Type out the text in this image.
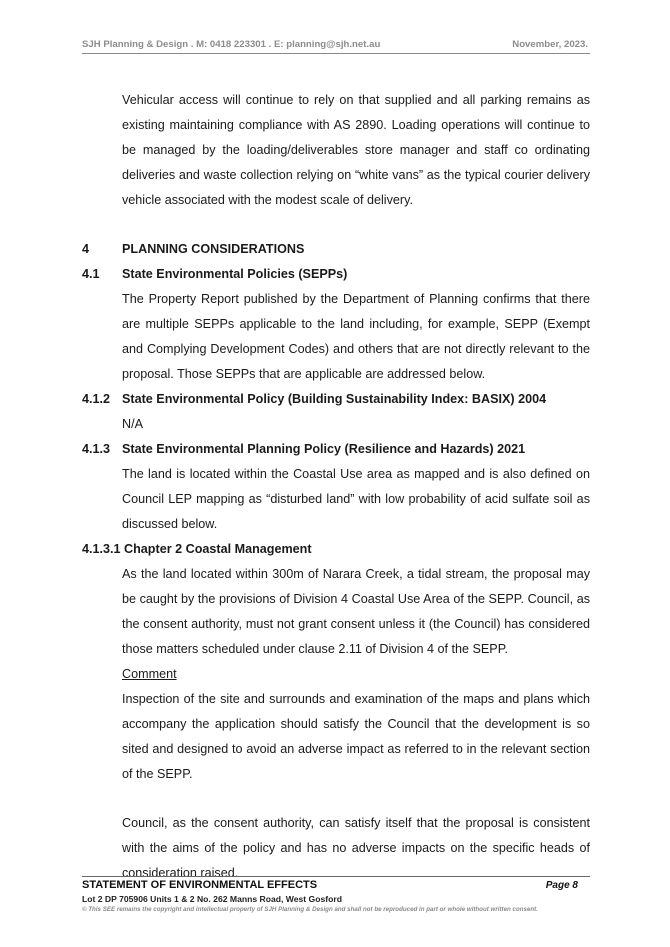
SJH Planning & Design . M: 0418 223301 . E: planning@sjh.net.au	November, 2023.

Vehicular access will continue to rely on that supplied and all parking remains as existing maintaining compliance with AS 2890. Loading operations will continue to be managed by the loading/deliverables store manager and staff co ordinating deliveries and waste collection relying on “white vans” as the typical courier delivery vehicle associated with the modest scale of delivery.

4	PLANNING CONSIDERATIONS
4.1 State Environmental Policies (SEPPs)

The Property Report published by the Department of Planning confirms that there are multiple SEPPs applicable to the land including, for example, SEPP (Exempt and Complying Development Codes) and others that are not directly relevant to the proposal. Those SEPPs that are applicable are addressed below.

4.1.2 State Environmental Policy (Building Sustainability Index: BASIX) 2004

N/A

4.1.3 State Environmental Planning Policy (Resilience and Hazards) 2021

The land is located within the Coastal Use area as mapped and is also defined on Council LEP mapping as “disturbed land” with low probability of acid sulfate soil as discussed below.

4.1.3.1 Chapter 2 Coastal Management

As the land located within 300m of Narara Creek, a tidal stream, the proposal may be caught by the provisions of Division 4 Coastal Use Area of the SEPP. Council, as the consent authority, must not grant consent unless it (the Council) has considered those matters scheduled under clause 2.11 of Division 4 of the SEPP.

Comment

Inspection of the site and surrounds and examination of the maps and plans which accompany the application should satisfy the Council that the development is so sited and designed to avoid an adverse impact as referred to in the relevant section of the SEPP.

Council, as the consent authority, can satisfy itself that the proposal is consistent with the aims of the policy and has no adverse impacts on the specific heads of consideration raised.

STATEMENT OF ENVIRONMENTAL EFFECTS	Page 8
Lot 2 DP 705906 Units 1 & 2 No. 262 Manns Road, West Gosford
© This SEE remains the copyright and intellectual property of SJH Planning & Design and shall not be reproduced in part or whole without written consent.
